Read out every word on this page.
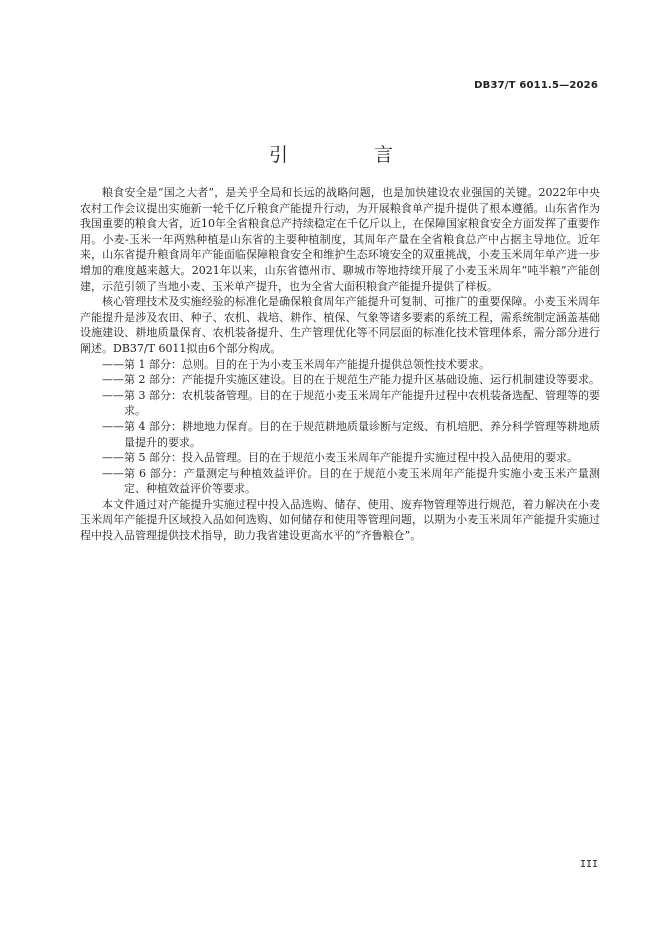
DB37/T 6011.5—2026
引 言

粮食安全是“国之大者”，是关乎全局和长远的战略问题，也是加快建设农业强国的关键。2022年中央农村工作会议提出实施新一轮千亿斤粮食产能提升行动，为开展粮食单产提升提供了根本遵循。山东省作为我国重要的粮食大省，近10年全省粮食总产持续稳定在千亿斤以上，在保障国家粮食安全方面发挥了重要作用。小麦-玉米一年两熟种植是山东省的主要种植制度，其周年产量在全省粮食总产中占据主导地位。近年来，山东省提升粮食周年产能面临保障粮食安全和维护生态环境安全的双重挑战，小麦玉米周年单产进一步增加的难度越来越大。2021年以来，山东省德州市、聊城市等地持续开展了小麦玉米周年“吨半粮”产能创建，示范引领了当地小麦、玉米单产提升，也为全省大面积粮食产能提升提供了样板。

核心管理技术及实施经验的标准化是确保粮食周年产能提升可复制、可推广的重要保障。小麦玉米周年产能提升是涉及农田、种子、农机、栽培、耕作、植保、气象等诸多要素的系统工程，需系统制定涵盖基础设施建设、耕地质量保育、农机装备提升、生产管理优化等不同层面的标准化技术管理体系，需分部分进行阐述。DB37/T 6011拟由6个部分构成。

—— 第 1 部分：总则。目的在于为小麦玉米周年产能提升提供总领性技术要求。
—— 第 2 部分：产能提升实施区建设。目的在于规范生产能力提升区基础设施、运行机制建设等要求。
—— 第 3 部分：农机装备管理。目的在于规范小麦玉米周年产能提升过程中农机装备选配、管理等的要求。
—— 第 4 部分：耕地地力保育。目的在于规范耕地质量诊断与定级、有机培肥、养分科学管理等耕地质量提升的要求。
—— 第 5 部分：投入品管理。目的在于规范小麦玉米周年产能提升实施过程中投入品使用的要求。
—— 第 6 部分：产量测定与种植效益评价。目的在于规范小麦玉米周年产能提升实施小麦玉米产量测定、种植效益评价等要求。

本文件通过对产能提升实施过程中投入品选购、储存、使用、废弃物管理等进行规范，着力解决在小麦玉米周年产能提升区域投入品如何选购、如何储存和使用等管理问题，以期为小麦玉米周年产能提升实施过程中投入品管理提供技术指导，助力我省建设更高水平的“齐鲁粮仓”。

III
